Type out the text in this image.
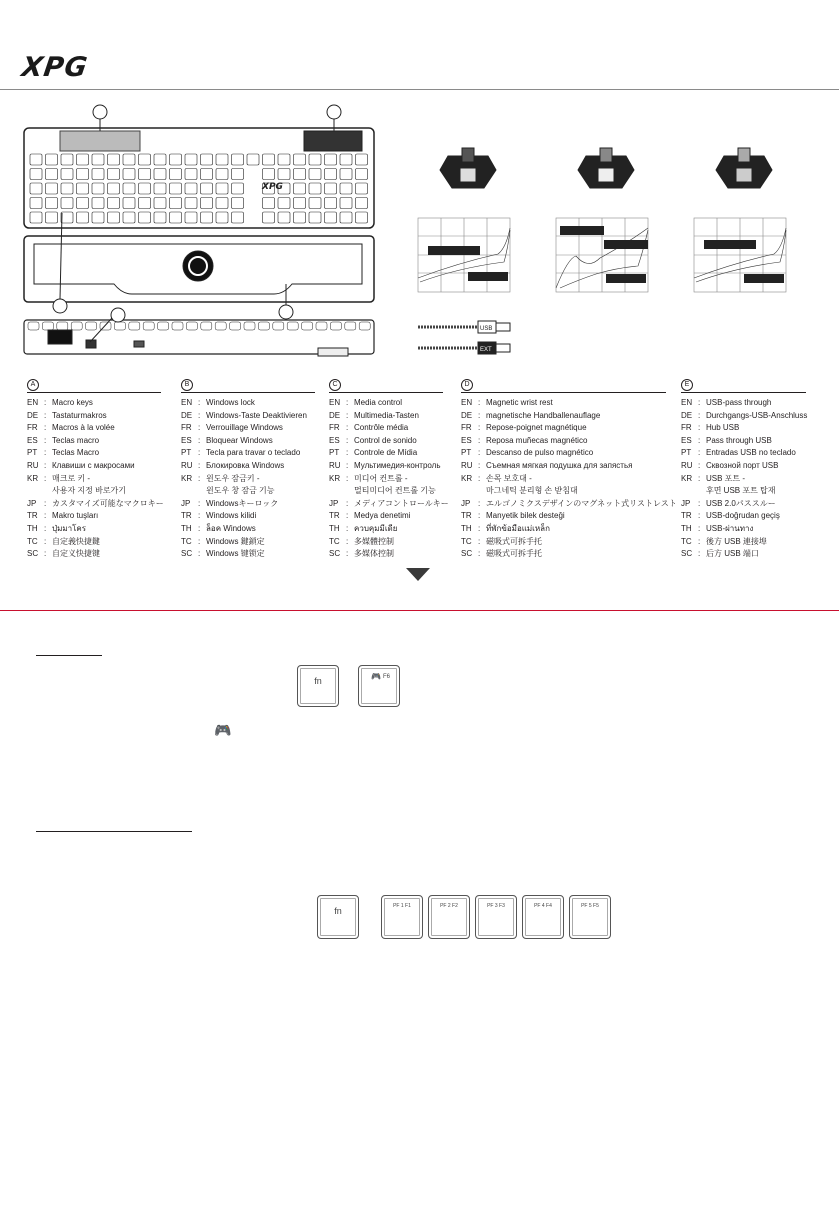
XPG
XPG
USB
EXT
A
EN : Macro keys
DE : Tastaturmakros
FR : Macros à la volée
ES : Teclas macro
PT : Teclas Macro
RU : Клавиши с макросами
KR : 매크로 키 -
사용자 지정 바로가기
JP : カスタマイズ可能なマクロキー
TR : Makro tuşları
TH : ปุ่มมาโคร
TC : 自定義快捷鍵
SC : 自定义快捷键
B
EN : Windows lock
DE : Windows-Taste Deaktivieren
FR : Verrouillage Windows
ES : Bloquear Windows
PT : Tecla para travar o teclado
RU : Блокировка Windows
KR : 윈도우 잠금키 -
윈도우 창 잠금 기능
JP : Windowsキーロック
TR : Windows kilidi
TH : ล็อค Windows
TC : Windows 鍵鎖定
SC : Windows 键锁定
C
EN : Media control
DE : Multimedia-Tasten
FR : Contrôle média
ES : Control de sonido
PT : Controle de Mídia
RU : Мультимедия-контроль
KR : 미디어 컨트롤 -
멀티미디어 컨트롤 기능
JP : メディアコントロールキー
TR : Medya denetimi
TH : ควบคุมมีเดีย
TC : 多媒體控制
SC : 多媒体控制
D
EN : Magnetic wrist rest
DE : magnetische Handballenauflage
FR : Repose-poignet magnétique
ES : Reposa muñecas magnético
PT : Descanso de pulso magnético
RU : Съемная мягкая подушка для запястья
KR : 손목 보호대 -
마그네틱 분리형 손 받침대
JP : エルゴノミクスデザインのマグネット式リストレスト
TR : Manyetik bilek desteği
TH : ที่พักข้อมือแม่เหล็ก
TC : 磁吸式可拆手托
SC : 磁吸式可拆手托
E
EN : USB-pass through
DE : Durchgangs-USB-Anschluss
FR : Hub USB
ES : Pass through USB
PT : Entradas USB no teclado
RU : Сквозной порт USB
KR : USB 포트 -
후면 USB 포트 탑재
JP : USB 2.0パススルー
TR : USB-doğrudan geçiş
TH : USB-ผ่านทาง
TC : 後方 USB 連接埠
SC : 后方 USB 端口
fn	🎮 F6
🎮
fn	PF 1 F1	PF 2 F2	PF 3 F3	PF 4 F4	PF 5 F5
